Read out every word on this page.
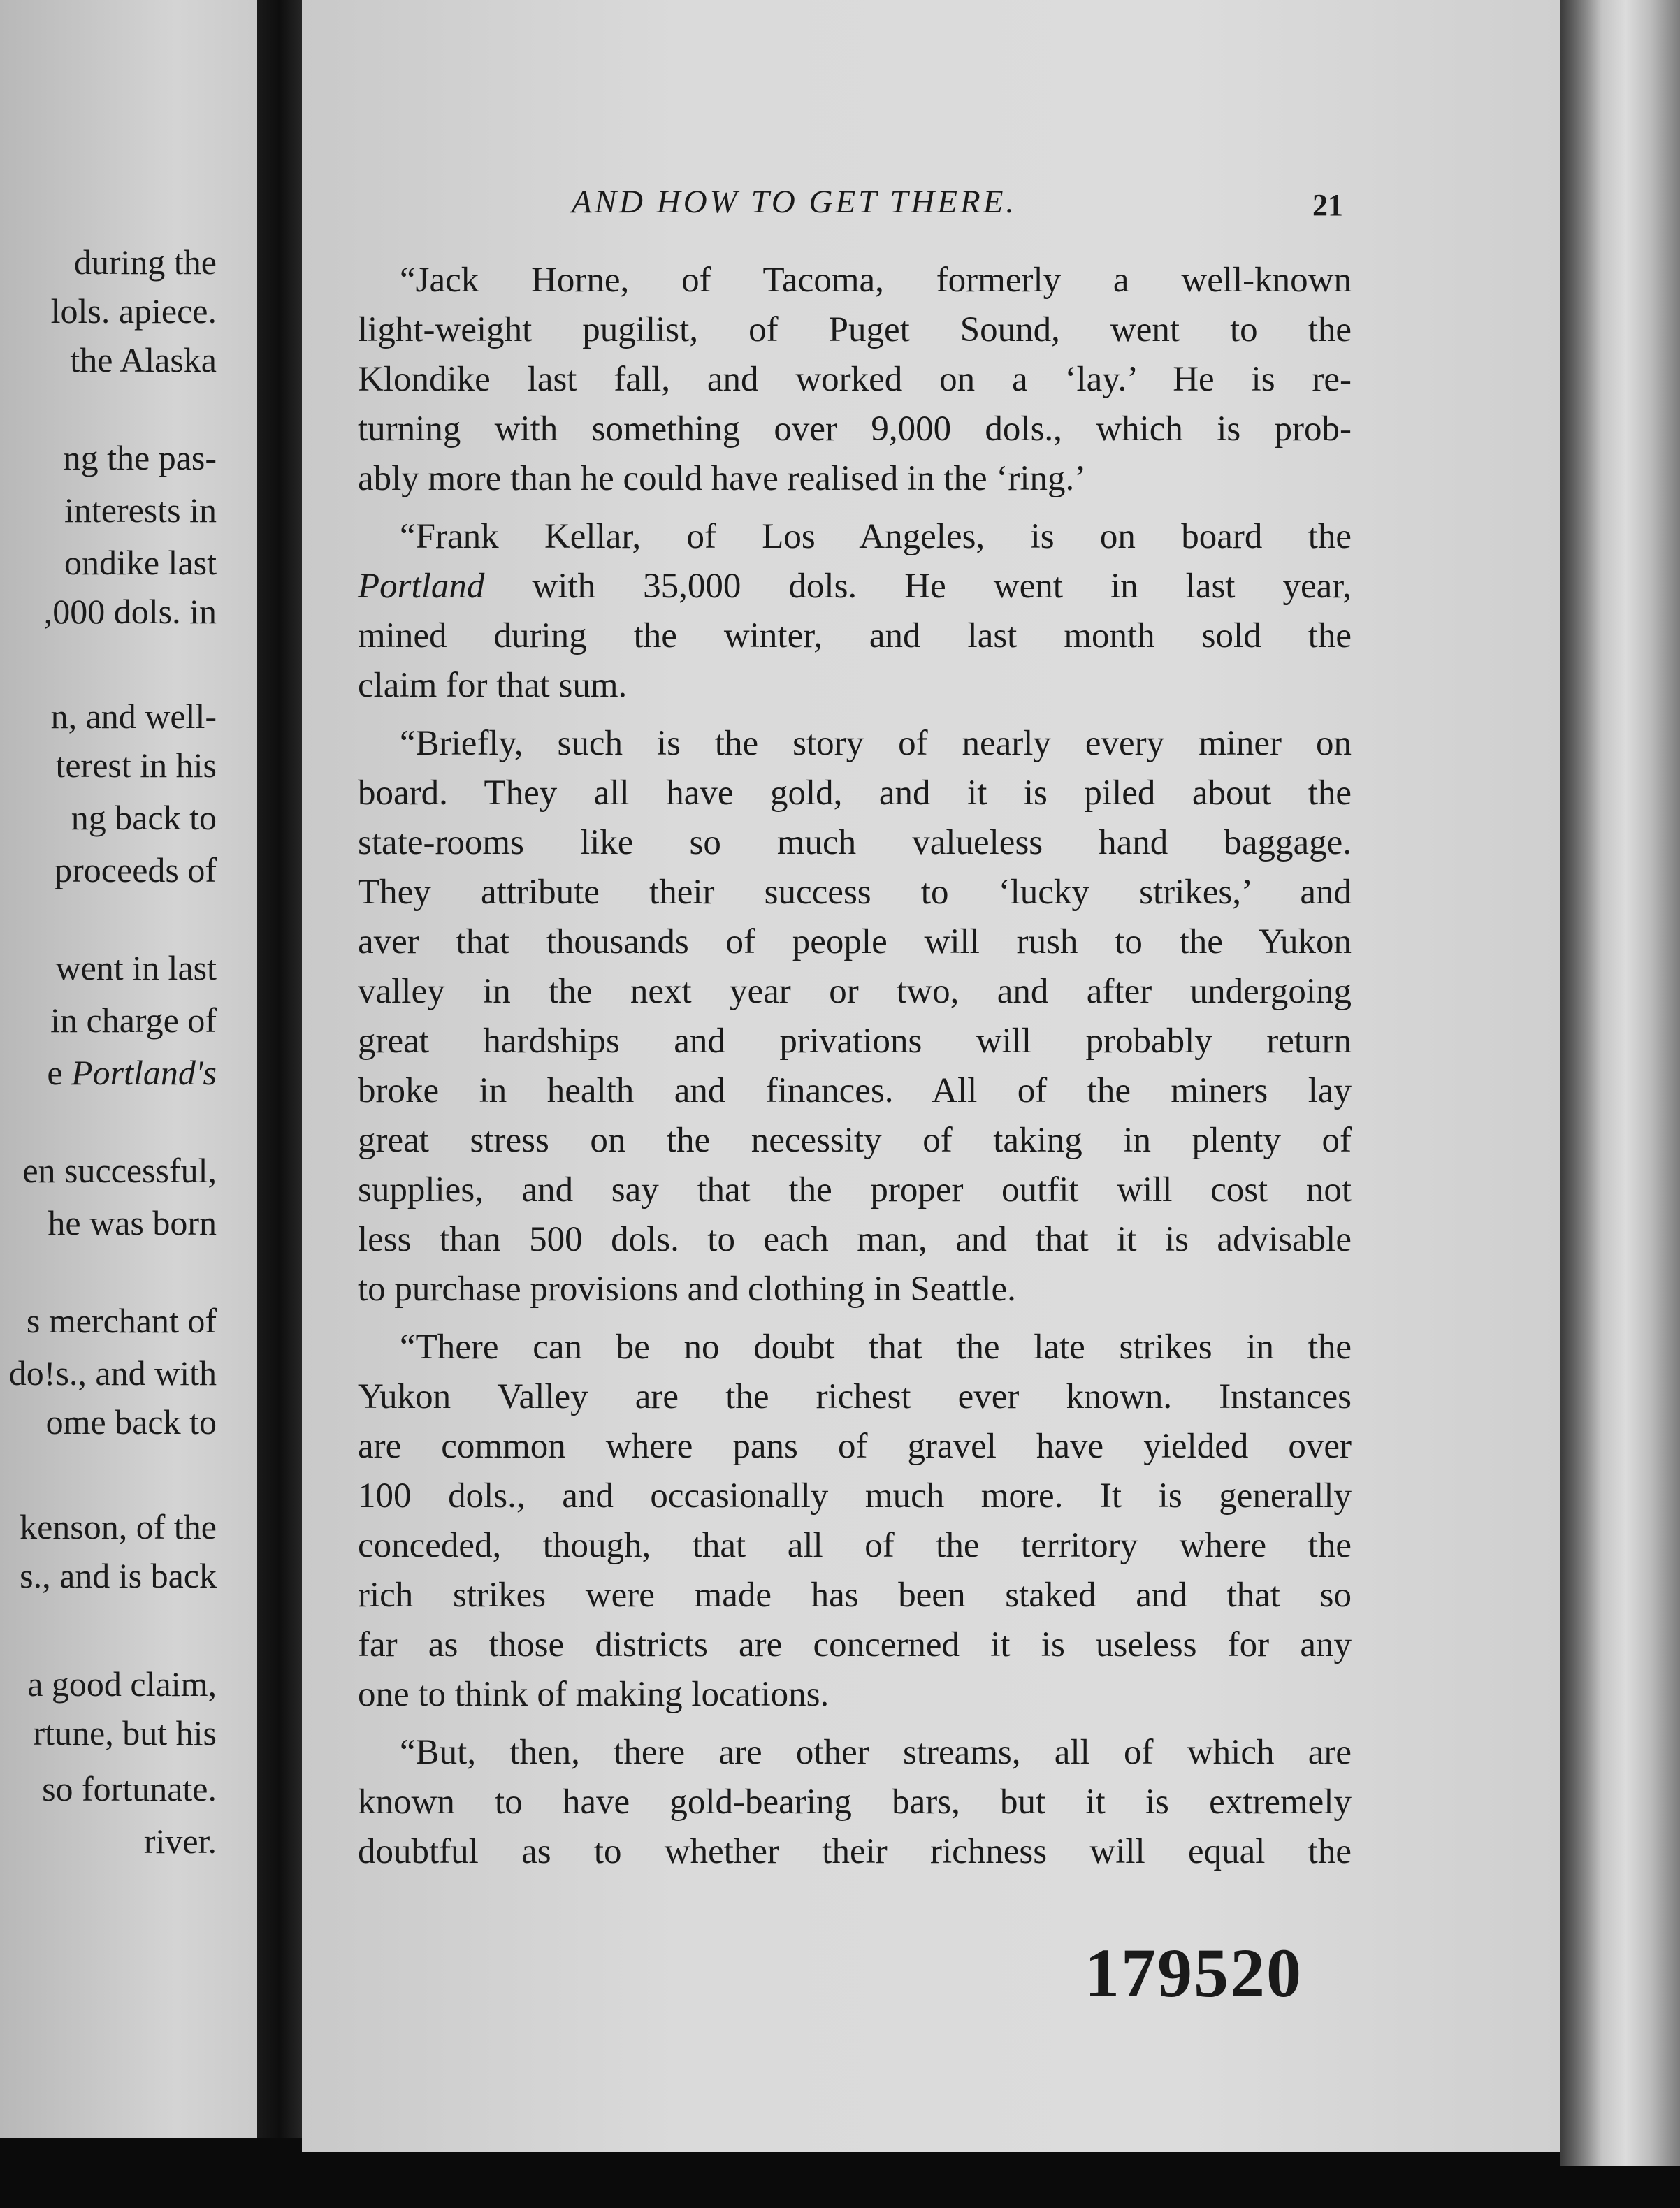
during the
lols. apiece.
the Alaska
ng the pas-
interests in
ondike last
,000 dols. in
n, and well-
terest in his
ng back to
proceeds of
went in last
in charge of
e Portland's
en successful,
he was born
s merchant of
do!s., and with
ome back to
kenson, of the
s., and is back
a good claim,
rtune, but his
so fortunate.
river.
AND HOW TO GET THERE.	21
“Jack Horne, of Tacoma, formerly a well-known
light-weight pugilist, of Puget Sound, went to the
Klondike last fall, and worked on a ‘lay.’ He is re-
turning with something over 9,000 dols., which is prob-
ably more than he could have realised in the ‘ring.’
“Frank Kellar, of Los Angeles, is on board the
Portland with 35,000 dols. He went in last year,
mined during the winter, and last month sold the
claim for that sum.
“Briefly, such is the story of nearly every miner on
board. They all have gold, and it is piled about the
state-rooms like so much valueless hand baggage.
They attribute their success to ‘lucky strikes,’ and
aver that thousands of people will rush to the Yukon
valley in the next year or two, and after undergoing
great hardships and privations will probably return
broke in health and finances. All of the miners lay
great stress on the necessity of taking in plenty of
supplies, and say that the proper outfit will cost not
less than 500 dols. to each man, and that it is advisable
to purchase provisions and clothing in Seattle.
“There can be no doubt that the late strikes in the
Yukon Valley are the richest ever known. Instances
are common where pans of gravel have yielded over
100 dols., and occasionally much more. It is generally
conceded, though, that all of the territory where the
rich strikes were made has been staked and that so
far as those districts are concerned it is useless for any
one to think of making locations.
“But, then, there are other streams, all of which are
known to have gold-bearing bars, but it is extremely
doubtful as to whether their richness will equal the
179520
